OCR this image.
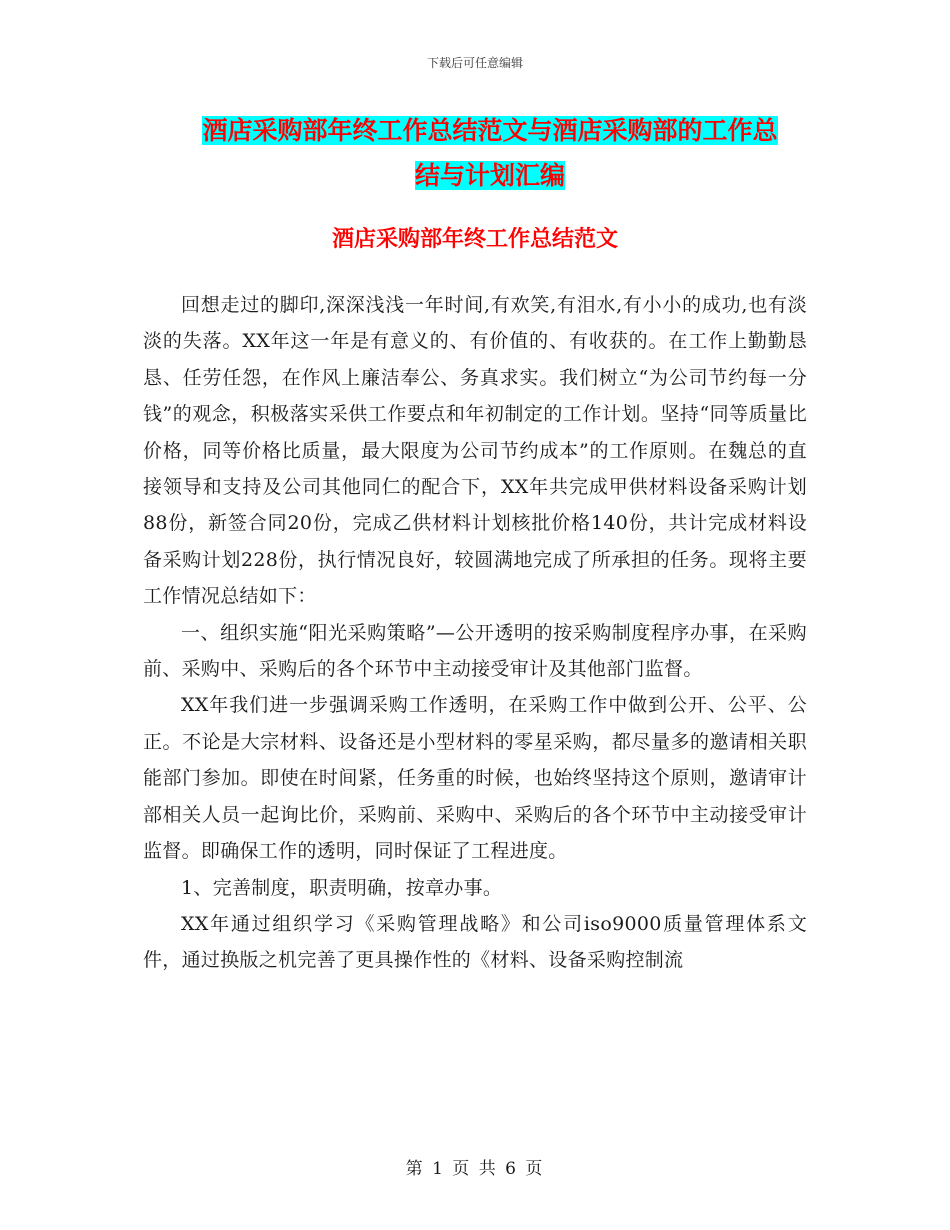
下载后可任意编辑
酒店采购部年终工作总结范文与酒店采购部的工作总
结与计划汇编
酒店采购部年终工作总结范文

回想走过的脚印,深深浅浅一年时间,有欢笑,有泪水,有小小的成功,也有淡淡的失落。XX年这一年是有意义的、有价值的、有收获的。在工作上勤勤恳恳、任劳任怨，在作风上廉洁奉公、务真求实。我们树立“为公司节约每一分钱”的观念，积极落实采供工作要点和年初制定的工作计划。坚持“同等质量比价格，同等价格比质量，最大限度为公司节约成本”的工作原则。在魏总的直接领导和支持及公司其他同仁的配合下，XX年共完成甲供材料设备采购计划88份，新签合同20份，完成乙供材料计划核批价格140份，共计完成材料设备采购计划228份，执行情况良好，较圆满地完成了所承担的任务。现将主要工作情况总结如下：

一、组织实施“阳光采购策略”—公开透明的按采购制度程序办事，在采购前、采购中、采购后的各个环节中主动接受审计及其他部门监督。

XX年我们进一步强调采购工作透明，在采购工作中做到公开、公平、公正。不论是大宗材料、设备还是小型材料的零星采购，都尽量多的邀请相关职能部门参加。即使在时间紧，任务重的时候，也始终坚持这个原则，邀请审计部相关人员一起询比价，采购前、采购中、采购后的各个环节中主动接受审计监督。即确保工作的透明，同时保证了工程进度。

1、完善制度，职责明确，按章办事。

XX年通过组织学习《采购管理战略》和公司iso9000质量管理体系文件，通过换版之机完善了更具操作性的《材料、设备采购控制流

第 1 页 共 6 页
